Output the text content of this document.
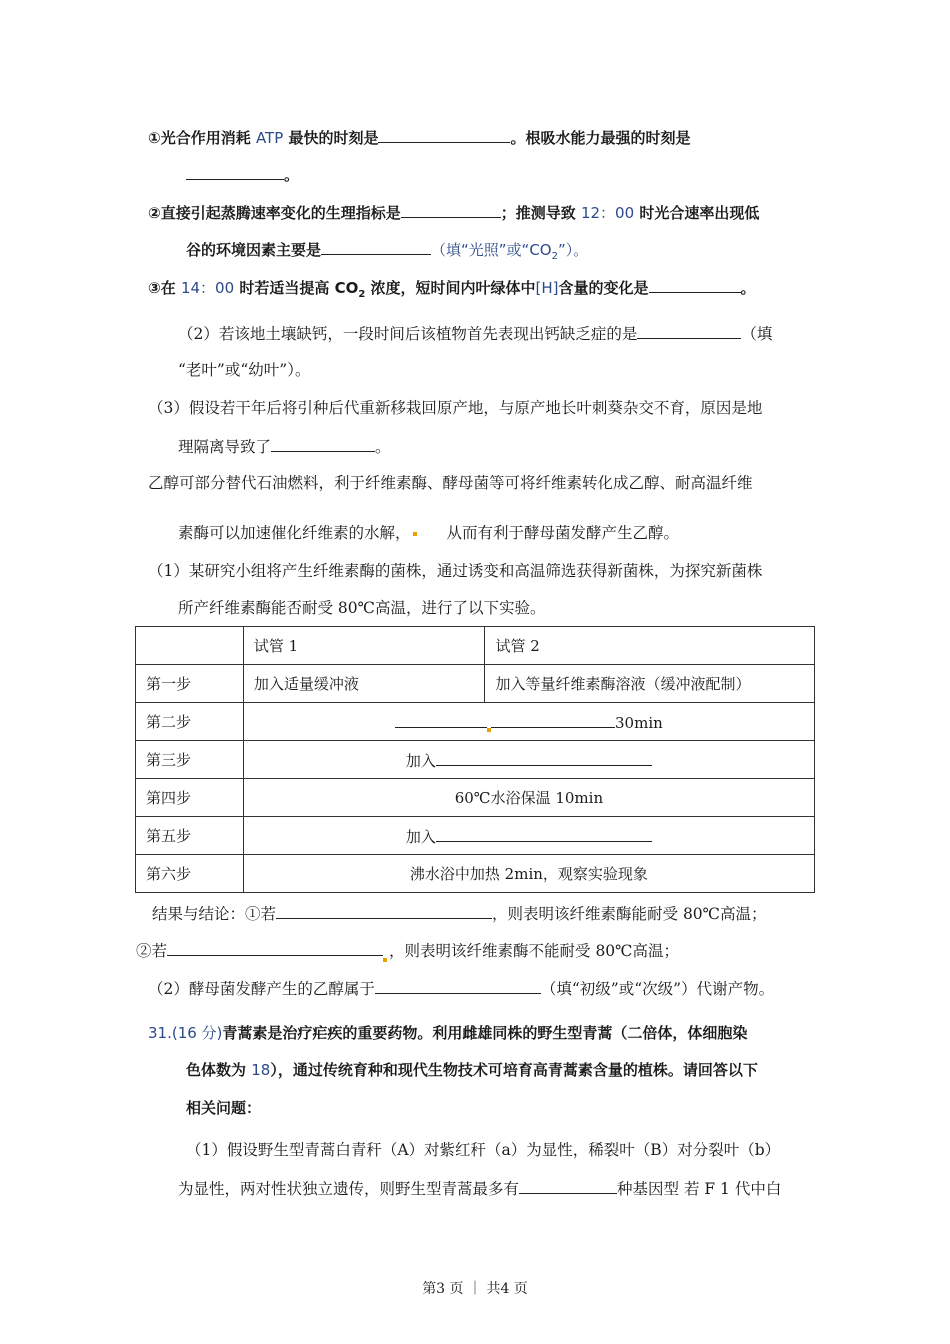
①光合作用消耗 ATP 最快的时刻是	。根吸水能力最强的时刻是
。
②直接引起蒸腾速率变化的生理指标是	；推测导致 12：00 时光合速率出现低
谷的环境因素主要是	（填“光照”或“$CO_2$”）。
③在 14：00 时若适当提高 $CO_2$ 浓度，短时间内叶绿体中[H]含量的变化是	。
（2）若该地土壤缺钙，一段时间后该植物首先表现出钙缺乏症的是	（填
“老叶”或“幼叶”）。
（3）假设若干年后将引种后代重新移栽回原产地，与原产地长叶刺葵杂交不育，原因是地
理隔离导致了	。
乙醇可部分替代石油燃料，利于纤维素酶、酵母菌等可将纤维素转化成乙醇、耐高温纤维
素酶可以加速催化纤维素的水解， 从而有利于酵母菌发酵产生乙醇。
（1）某研究小组将产生纤维素酶的菌株，通过诱变和高温筛选获得新菌株，为探究新菌株
所产纤维素酶能否耐受 80℃高温，进行了以下实验。
	试管 1	试管 2
第一步	加入适量缓冲液	加入等量纤维素酶溶液（缓冲液配制）
第二步	30min	
第三步	加入	
第四步	60℃水浴保温 10min	
第五步	加入	
第六步	沸水浴中加热 2min，观察实验现象	
结果与结论：①若	，则表明该纤维素酶能耐受 80℃高温；
②若	，则表明该纤维素酶不能耐受 80℃高温；
（2）酵母菌发酵产生的乙醇属于	（填“初级”或“次级”）代谢产物。
31.(16 分)青蒿素是治疗疟疾的重要药物。利用雌雄同株的野生型青蒿（二倍体，体细胞染
色体数为 18），通过传统育种和现代生物技术可培育高青蒿素含量的植株。请回答以下
相关问题：
（1）假设野生型青蒿白青秆（A）对紫红秆（a）为显性，稀裂叶（B）对分裂叶（b）
为显性，两对性状独立遗传，则野生型青蒿最多有	种基因型 若 F 1 代中白
第3 页 ｜ 共4 页
